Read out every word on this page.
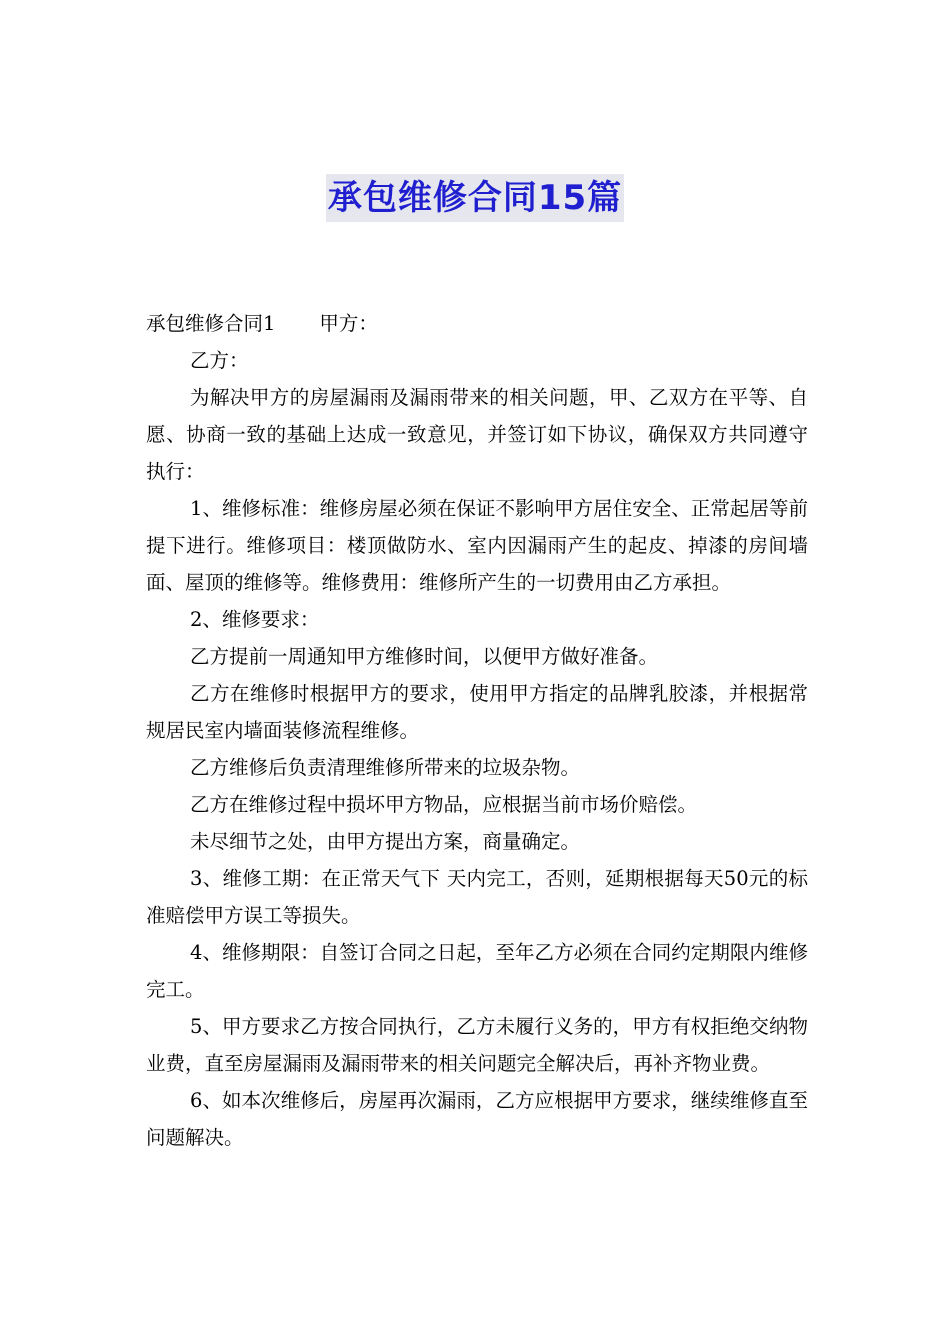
承包维修合同15篇

承包维修合同1 甲方：

乙方：

为解决甲方的房屋漏雨及漏雨带来的相关问题，甲、乙双方在平等、自愿、协商一致的基础上达成一致意见，并签订如下协议，确保双方共同遵守执行：

1、维修标准：维修房屋必须在保证不影响甲方居住安全、正常起居等前提下进行。维修项目：楼顶做防水、室内因漏雨产生的起皮、掉漆的房间墙面、屋顶的维修等。维修费用：维修所产生的一切费用由乙方承担。

2、维修要求：

乙方提前一周通知甲方维修时间，以便甲方做好准备。

乙方在维修时根据甲方的要求，使用甲方指定的品牌乳胶漆，并根据常规居民室内墙面装修流程维修。

乙方维修后负责清理维修所带来的垃圾杂物。

乙方在维修过程中损坏甲方物品，应根据当前市场价赔偿。

未尽细节之处，由甲方提出方案，商量确定。

3、维修工期：在正常天气下 天内完工，否则，延期根据每天50元的标准赔偿甲方误工等损失。

4、维修期限：自签订合同之日起，至年乙方必须在合同约定期限内维修完工。

5、甲方要求乙方按合同执行，乙方未履行义务的，甲方有权拒绝交纳物业费，直至房屋漏雨及漏雨带来的相关问题完全解决后，再补齐物业费。

6、如本次维修后，房屋再次漏雨，乙方应根据甲方要求，继续维修直至问题解决。
